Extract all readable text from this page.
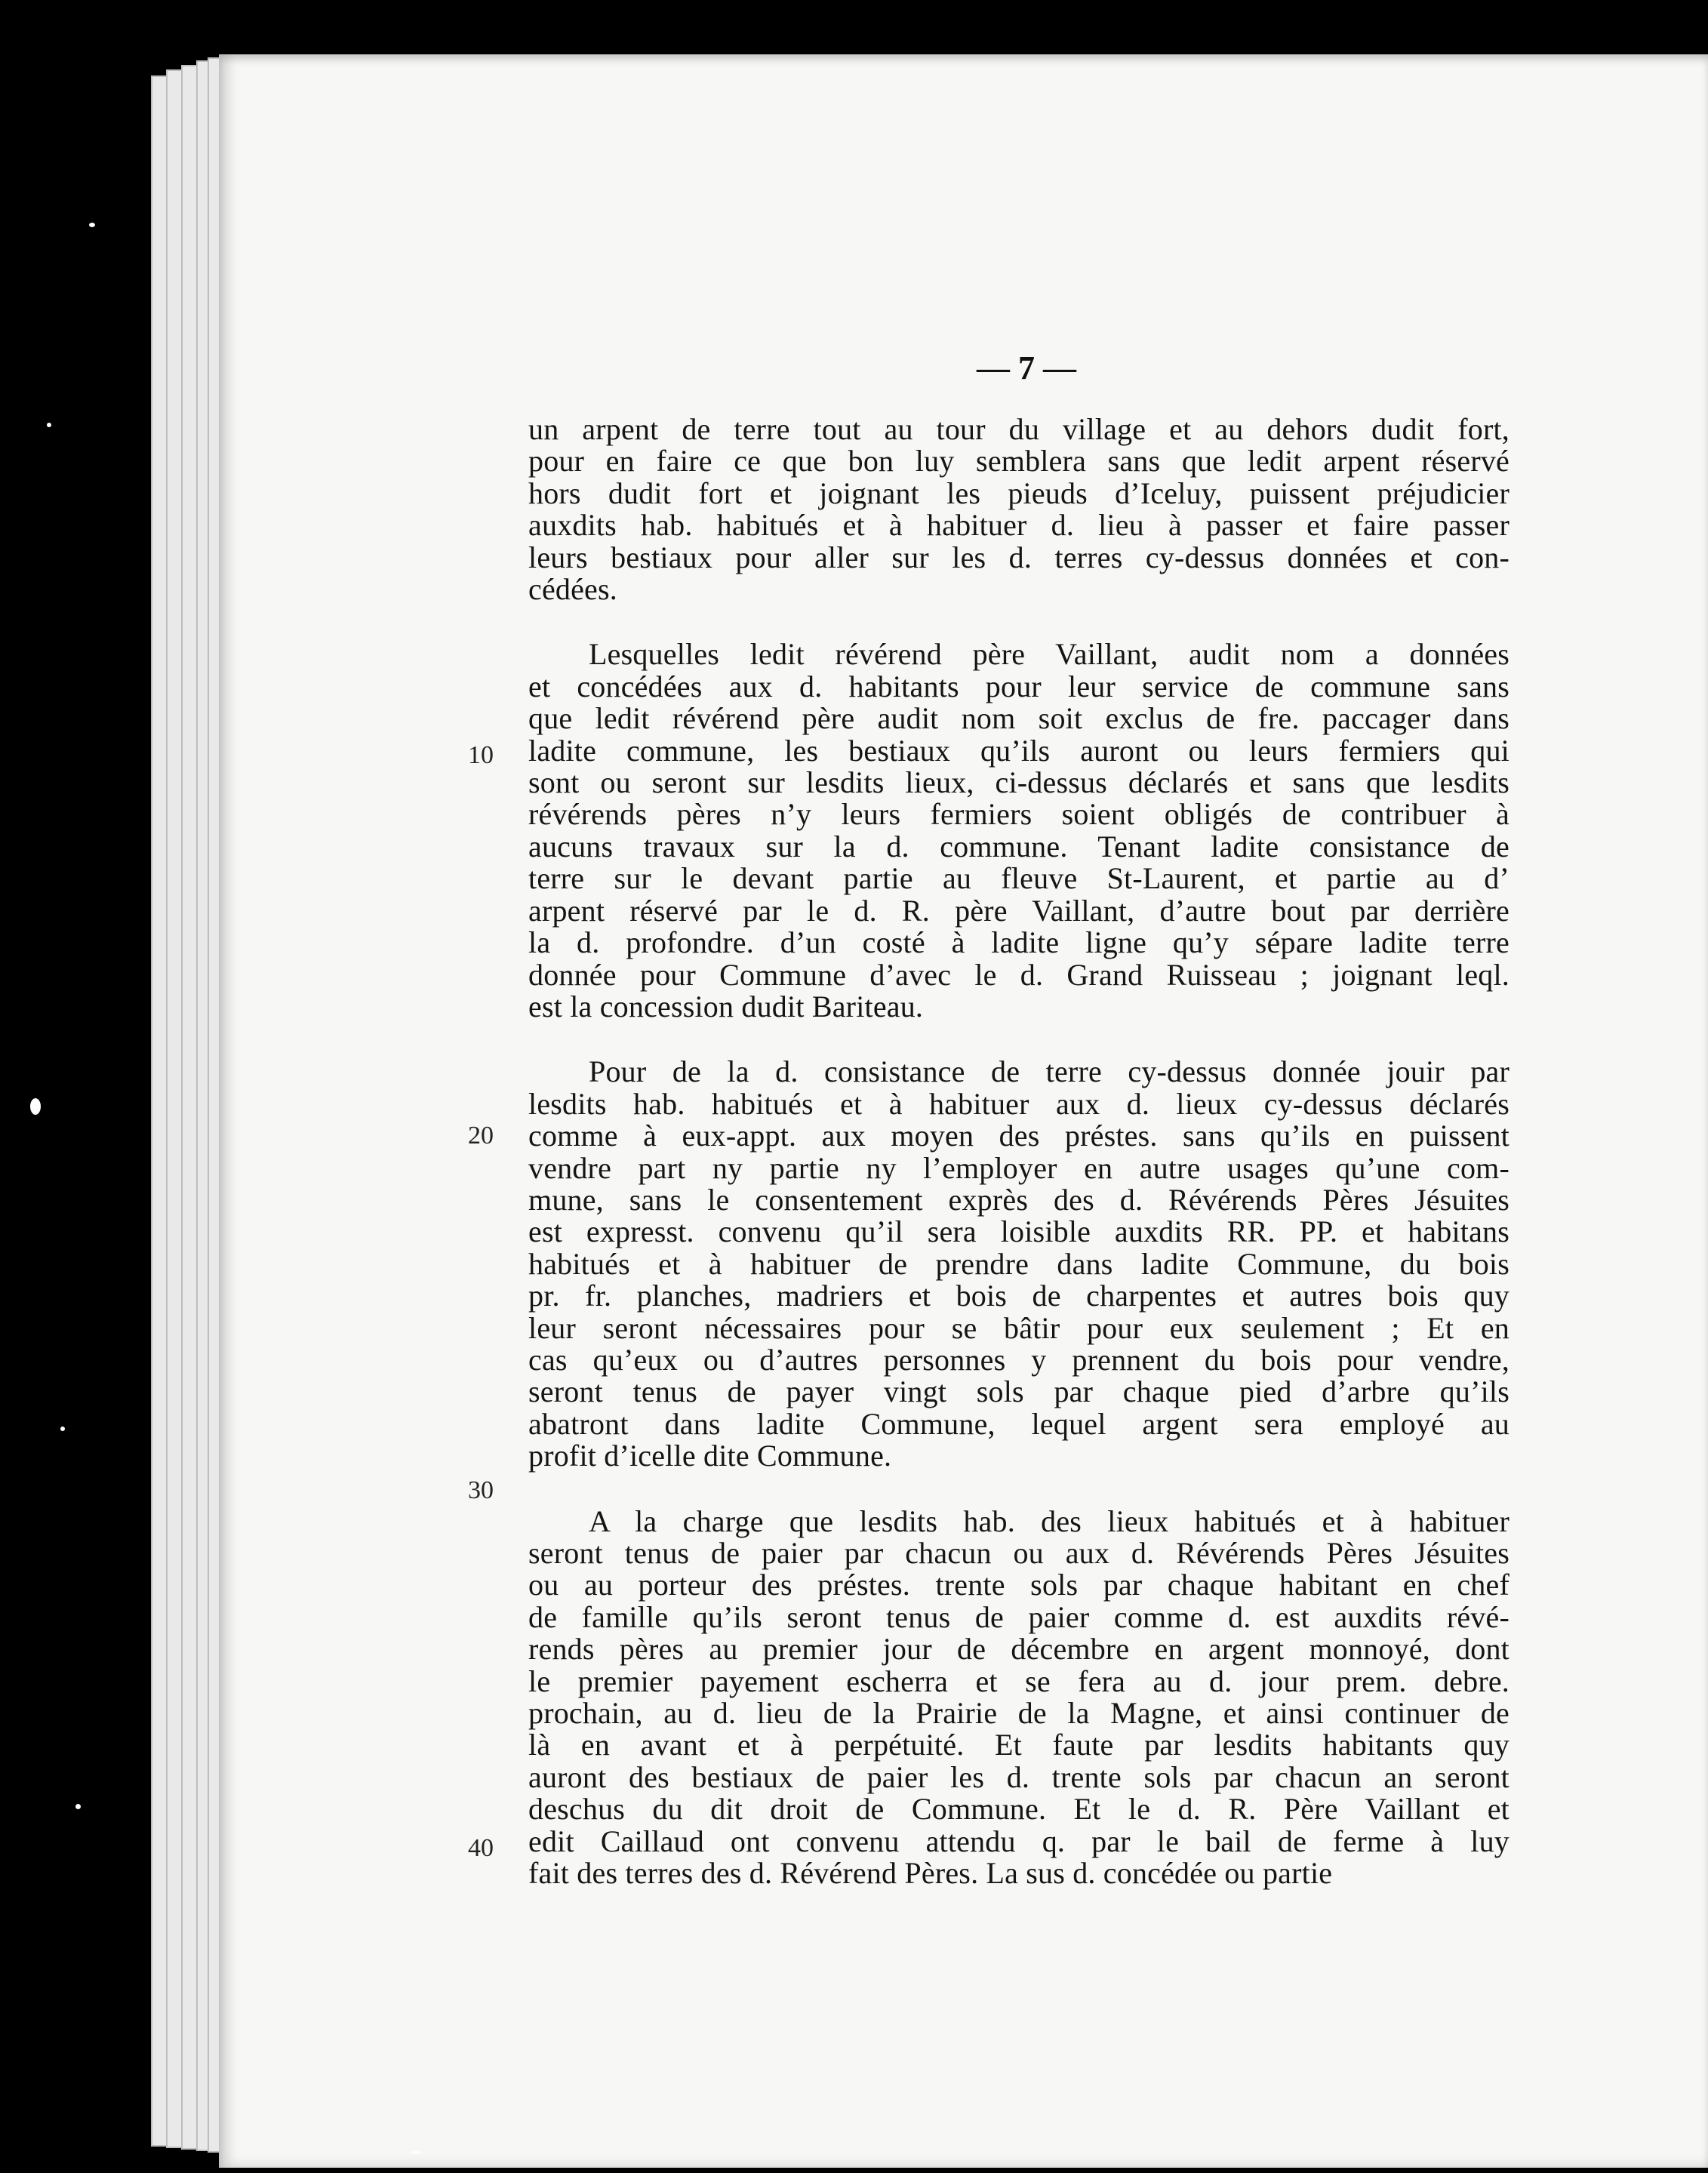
— 7 —
10
20
30
40

un arpent de terre tout au tour du village et au dehors dudit fort,
pour en faire ce que bon luy semblera sans que ledit arpent réservé
hors dudit fort et joignant les pieuds d’Iceluy, puissent préjudicier
auxdits hab. habitués et à habituer d. lieu à passer et faire passer
leurs bestiaux pour aller sur les d. terres cy-dessus données et con-
cédées.

Lesquelles ledit révérend père Vaillant, audit nom a données
et concédées aux d. habitants pour leur service de commune sans
que ledit révérend père audit nom soit exclus de fre. paccager dans
ladite commune, les bestiaux qu’ils auront ou leurs fermiers qui
sont ou seront sur lesdits lieux, ci-dessus déclarés et sans que lesdits
révérends pères n’y leurs fermiers soient obligés de contribuer à
aucuns travaux sur la d. commune. Tenant ladite consistance de
terre sur le devant partie au fleuve St-Laurent, et partie au d’
arpent réservé par le d. R. père Vaillant, d’autre bout par derrière
la d. profondre. d’un costé à ladite ligne qu’y sépare ladite terre
donnée pour Commune d’avec le d. Grand Ruisseau ; joignant leql.
est la concession dudit Bariteau.

Pour de la d. consistance de terre cy-dessus donnée jouir par
lesdits hab. habitués et à habituer aux d. lieux cy-dessus déclarés
comme à eux-appt. aux moyen des préstes. sans qu’ils en puissent
vendre part ny partie ny l’employer en autre usages qu’une com-
mune, sans le consentement exprès des d. Révérends Pères Jésuites
est expresst. convenu qu’il sera loisible auxdits RR. PP. et habitans
habitués et à habituer de prendre dans ladite Commune, du bois
pr. fr. planches, madriers et bois de charpentes et autres bois quy
leur seront nécessaires pour se bâtir pour eux seulement ; Et en
cas qu’eux ou d’autres personnes y prennent du bois pour vendre,
seront tenus de payer vingt sols par chaque pied d’arbre qu’ils
abatront dans ladite Commune, lequel argent sera employé au
profit d’icelle dite Commune.

A la charge que lesdits hab. des lieux habitués et à habituer
seront tenus de paier par chacun ou aux d. Révérends Pères Jésuites
ou au porteur des préstes. trente sols par chaque habitant en chef
de famille qu’ils seront tenus de paier comme d. est auxdits révé-
rends pères au premier jour de décembre en argent monnoyé, dont
le premier payement escherra et se fera au d. jour prem. debre.
prochain, au d. lieu de la Prairie de la Magne, et ainsi continuer de
là en avant et à perpétuité. Et faute par lesdits habitants quy
auront des bestiaux de paier les d. trente sols par chacun an seront
deschus du dit droit de Commune. Et le d. R. Père Vaillant et
edit Caillaud ont convenu attendu q. par le bail de ferme à luy
fait des terres des d. Révérend Pères. La sus d. concédée ou partie
